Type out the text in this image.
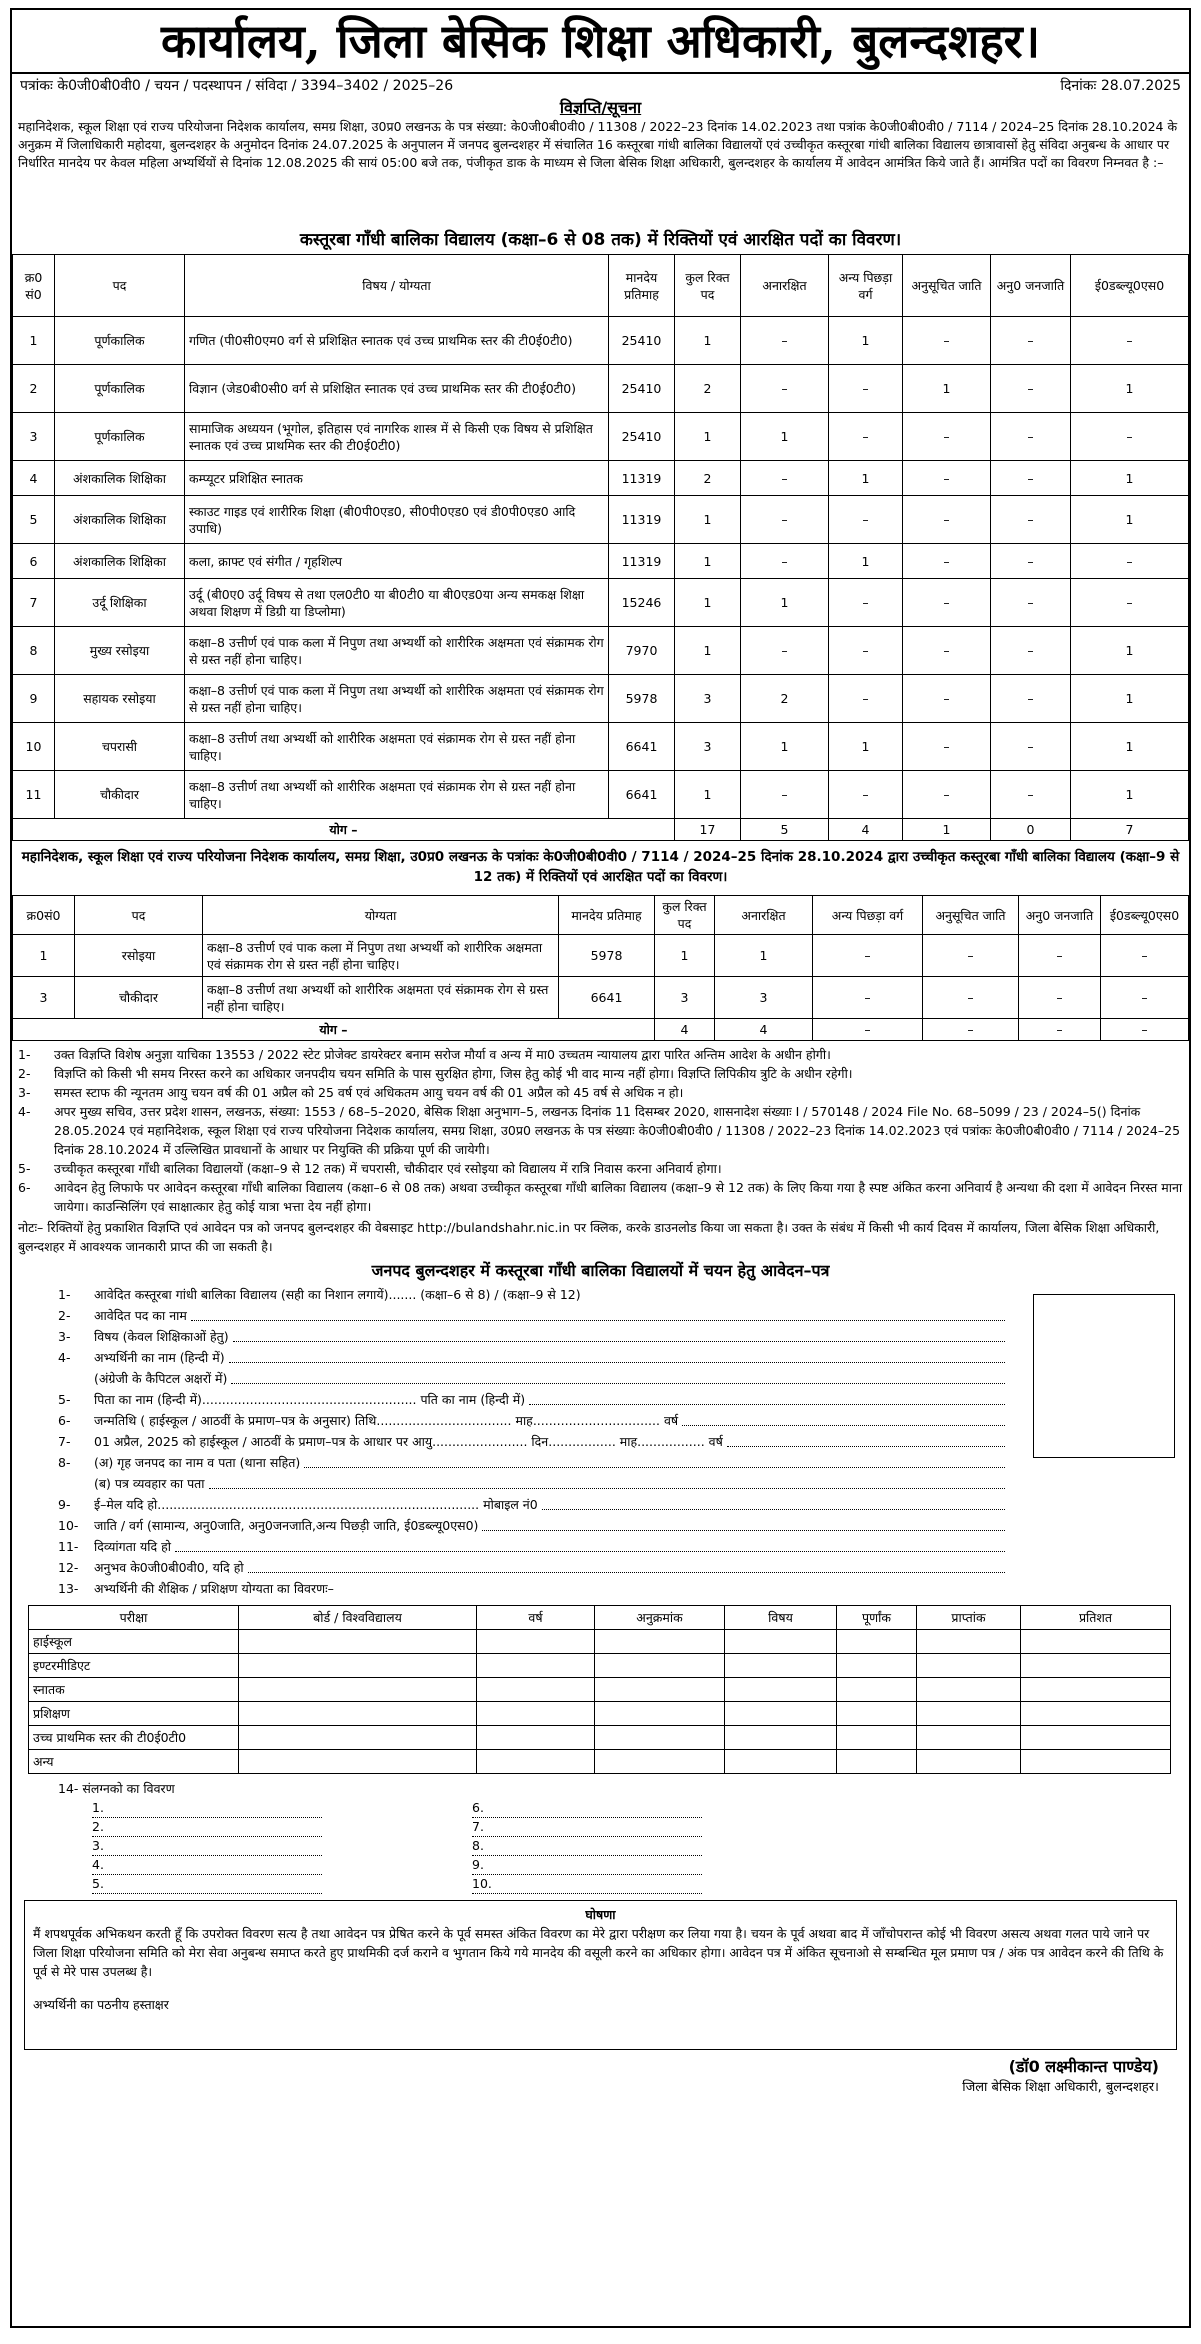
कार्यालय, जिला बेसिक शिक्षा अधिकारी, बुलन्दशहर।
पत्रांकः के0जी0बी0वी0 / चयन / पदस्थापन / संविदा / 3394–3402 / 2025–26	दिनांकः 28.07.2025
विज्ञप्ति/सूचना
महानिदेशक, स्कूल शिक्षा एवं राज्य परियोजना निदेशक कार्यालय, समग्र शिक्षा, उ0प्र0 लखनऊ के पत्र संख्या: के0जी0बी0वी0 / 11308 / 2022–23 दिनांक 14.02.2023 तथा पत्रांक के0जी0बी0वी0 / 7114 / 2024–25 दिनांक 28.10.2024 के अनुक्रम में जिलाधिकारी महोदया, बुलन्दशहर के अनुमोदन दिनांक 24.07.2025 के अनुपालन में जनपद बुलन्दशहर में संचालित 16 कस्तूरबा गांधी बालिका विद्यालयों एवं उच्चीकृत कस्तूरबा गांधी बालिका विद्यालय छात्रावासों हेतु संविदा अनुबन्ध के आधार पर निर्धारित मानदेय पर केवल महिला अभ्यर्थियों से दिनांक 12.08.2025 की सायं 05:00 बजे तक, पंजीकृत डाक के माध्यम से जिला बेसिक शिक्षा अधिकारी, बुलन्दशहर के कार्यालय में आवेदन आमंत्रित किये जाते हैं। आमंत्रित पदों का विवरण निम्नवत है :–
कस्तूरबा गाँधी बालिका विद्यालय (कक्षा–6 से 08 तक) में रिक्तियों एवं आरक्षित पदों का विवरण।
क्र0 सं0	पद	विषय / योग्यता	मानदेय प्रतिमाह	कुल रिक्त पद	अनारक्षित	अन्य पिछड़ा वर्ग	अनुसूचित जाति	अनु0 जनजाति	ई0डब्ल्यू0एस0
1	पूर्णकालिक	गणित (पी0सी0एम0 वर्ग से प्रशिक्षित स्नातक एवं उच्च प्राथमिक स्तर की टी0ई0टी0)	25410	1	–	1	–	–	–
2	पूर्णकालिक	विज्ञान (जेड0बी0सी0 वर्ग से प्रशिक्षित स्नातक एवं उच्च प्राथमिक स्तर की टी0ई0टी0)	25410	2	–	–	1	–	1
3	पूर्णकालिक	सामाजिक अध्ययन (भूगोल, इतिहास एवं नागरिक शास्त्र में से किसी एक विषय से प्रशिक्षित स्नातक एवं उच्च प्राथमिक स्तर की टी0ई0टी0)	25410	1	1	–	–	–	–
4	अंशकालिक शिक्षिका	कम्प्यूटर प्रशिक्षित स्नातक	11319	2	–	1	–	–	1
5	अंशकालिक शिक्षिका	स्काउट गाइड एवं शारीरिक शिक्षा (बी0पी0एड0, सी0पी0एड0 एवं डी0पी0एड0 आदि उपाधि)	11319	1	–	–	–	–	1
6	अंशकालिक शिक्षिका	कला, क्राफ्ट एवं संगीत / गृहशिल्प	11319	1	–	1	–	–	–
7	उर्दू शिक्षिका	उर्दू (बी0ए0 उर्दू विषय से तथा एल0टी0 या बी0टी0 या बी0एड0या अन्य समकक्ष शिक्षा अथवा शिक्षण में डिग्री या डिप्लोमा)	15246	1	1	–	–	–	–
8	मुख्य रसोइया	कक्षा–8 उत्तीर्ण एवं पाक कला में निपुण तथा अभ्यर्थी को शारीरिक अक्षमता एवं संक्रामक रोग से ग्रस्त नहीं होना चाहिए।	7970	1	–	–	–	–	1
9	सहायक रसोइया	कक्षा–8 उत्तीर्ण एवं पाक कला में निपुण तथा अभ्यर्थी को शारीरिक अक्षमता एवं संक्रामक रोग से ग्रस्त नहीं होना चाहिए।	5978	3	2	–	–	–	1
10	चपरासी	कक्षा–8 उत्तीर्ण तथा अभ्यर्थी को शारीरिक अक्षमता एवं संक्रामक रोग से ग्रस्त नहीं होना चाहिए।	6641	3	1	1	–	–	1
11	चौकीदार	कक्षा–8 उत्तीर्ण तथा अभ्यर्थी को शारीरिक अक्षमता एवं संक्रामक रोग से ग्रस्त नहीं होना चाहिए।	6641	1	–	–	–	–	1
योग –				17	5	4	1	0	7
महानिदेशक, स्कूल शिक्षा एवं राज्य परियोजना निदेशक कार्यालय, समग्र शिक्षा, उ0प्र0 लखनऊ के पत्रांकः के0जी0बी0वी0 / 7114 / 2024–25 दिनांक 28.10.2024 द्वारा उच्चीकृत कस्तूरबा गाँधी बालिका विद्यालय (कक्षा–9 से 12 तक) में रिक्तियों एवं आरक्षित पदों का विवरण।
क्र0सं0	पद	योग्यता	मानदेय प्रतिमाह	कुल रिक्त पद	अनारक्षित	अन्य पिछड़ा वर्ग	अनुसूचित जाति	अनु0 जनजाति	ई0डब्ल्यू0एस0
1	रसोइया	कक्षा–8 उत्तीर्ण एवं पाक कला में निपुण तथा अभ्यर्थी को शारीरिक अक्षमता एवं संक्रामक रोग से ग्रस्त नहीं होना चाहिए।	5978	1	1	–	–	–	–
3	चौकीदार	कक्षा–8 उत्तीर्ण तथा अभ्यर्थी को शारीरिक अक्षमता एवं संक्रामक रोग से ग्रस्त नहीं होना चाहिए।	6641	3	3	–	–	–	–
योग –				4	4	–	–	–	–
1-	उक्त विज्ञप्ति विशेष अनुज्ञा याचिका 13553 / 2022 स्टेट प्रोजेक्ट डायरेक्टर बनाम सरोज मौर्या व अन्य में मा0 उच्चतम न्यायालय द्वारा पारित अन्तिम आदेश के अधीन होगी।
2-	विज्ञप्ति को किसी भी समय निरस्त करने का अधिकार जनपदीय चयन समिति के पास सुरक्षित होगा, जिस हेतु कोई भी वाद मान्य नहीं होगा। विज्ञप्ति लिपिकीय त्रुटि के अधीन रहेगी।
3-	समस्त स्टाफ की न्यूनतम आयु चयन वर्ष की 01 अप्रैल को 25 वर्ष एवं अधिकतम आयु चयन वर्ष की 01 अप्रैल को 45 वर्ष से अधिक न हो।
4-	अपर मुख्य सचिव, उत्तर प्रदेश शासन, लखनऊ, संख्या: 1553 / 68–5–2020, बेसिक शिक्षा अनुभाग–5, लखनऊ दिनांक 11 दिसम्बर 2020, शासनादेश संख्याः I / 570148 / 2024 File No. 68–5099 / 23 / 2024–5() दिनांक 28.05.2024 एवं महानिदेशक, स्कूल शिक्षा एवं राज्य परियोजना निदेशक कार्यालय, समग्र शिक्षा, उ0प्र0 लखनऊ के पत्र संख्याः के0जी0बी0वी0 / 11308 / 2022–23 दिनांक 14.02.2023 एवं पत्रांकः के0जी0बी0वी0 / 7114 / 2024–25 दिनांक 28.10.2024 में उल्लिखित प्रावधानों के आधार पर नियुक्ति की प्रक्रिया पूर्ण की जायेगी।
5-	उच्चीकृत कस्तूरबा गाँधी बालिका विद्यालयों (कक्षा–9 से 12 तक) में चपरासी, चौकीदार एवं रसोइया को विद्यालय में रात्रि निवास करना अनिवार्य होगा।
6-	आवेदन हेतु लिफाफे पर आवेदन कस्तूरबा गाँधी बालिका विद्यालय (कक्षा–6 से 08 तक) अथवा उच्चीकृत कस्तूरबा गाँधी बालिका विद्यालय (कक्षा–9 से 12 तक) के लिए किया गया है स्पष्ट अंकित करना अनिवार्य है अन्यथा की दशा में आवेदन निरस्त माना जायेगा। काउन्सिलिंग एवं साक्षात्कार हेतु कोई यात्रा भत्ता देय नहीं होगा।
नोटः– रिक्तियों हेतु प्रकाशित विज्ञप्ति एवं आवेदन पत्र को जनपद बुलन्दशहर की वेबसाइट http://bulandshahr.nic.in पर क्लिक, करके डाउनलोड किया जा सकता है। उक्त के संबंध में किसी भी कार्य दिवस में कार्यालय, जिला बेसिक शिक्षा अधिकारी, बुलन्दशहर में आवश्यक जानकारी प्राप्त की जा सकती है।
जनपद बुलन्दशहर में कस्तूरबा गाँधी बालिका विद्यालयों में चयन हेतु आवेदन–पत्र
1-	आवेदित कस्तूरबा गांधी बालिका विद्यालय (सही का निशान लगायें)....... (कक्षा–6 से 8) / (कक्षा–9 से 12)
2-	आवेदित पद का नाम
3-	विषय (केवल शिक्षिकाओं हेतु)
4-	अभ्यर्थिनी का नाम (हिन्दी में)
(अंग्रेजी के कैपिटल अक्षरों में)
5-	पिता का नाम (हिन्दी में)...................................................... पति का नाम (हिन्दी में)
6-	जन्मतिथि ( हाईस्कूल / आठवीं के प्रमाण–पत्र के अनुसार) तिथि.................................. माह................................ वर्ष
7-	01 अप्रैल, 2025 को हाईस्कूल / आठवीं के प्रमाण–पत्र के आधार पर आयु........................ दिन................. माह................. वर्ष
8-	(अ) गृह जनपद का नाम व पता (थाना सहित)
(ब) पत्र व्यवहार का पता
9-	ई–मेल यदि हो................................................................................. मोबाइल नं0
10-	जाति / वर्ग (सामान्य, अनु0जाति, अनु0जनजाति,अन्य पिछड़ी जाति, ई0डब्ल्यू0एस0)
11-	दिव्यांगता यदि हो
12-	अनुभव के0जी0बी0वी0, यदि हो
13-	अभ्यर्थिनी की शैक्षिक / प्रशिक्षण योग्यता का विवरणः–
परीक्षा	बोर्ड / विश्वविद्यालय	वर्ष	अनुक्रमांक	विषय	पूर्णांक	प्राप्तांक	प्रतिशत
हाईस्कूल							
इण्टरमीडिएट							
स्नातक							
प्रशिक्षण							
उच्च प्राथमिक स्तर की टी0ई0टी0							
अन्य							
14- संलग्नको का विवरण
1.	6.
2.	7.
3.	8.
4.	9.
5.	10.
घोषणा
मैं शपथपूर्वक अभिकथन करती हूँ कि उपरोक्त विवरण सत्य है तथा आवेदन पत्र प्रेषित करने के पूर्व समस्त अंकित विवरण का मेरे द्वारा परीक्षण कर लिया गया है। चयन के पूर्व अथवा बाद में जाँचोपरान्त कोई भी विवरण असत्य अथवा गलत पाये जाने पर जिला शिक्षा परियोजना समिति को मेरा सेवा अनुबन्ध समाप्त करते हुए प्राथमिकी दर्ज कराने व भुगतान किये गये मानदेय की वसूली करने का अधिकार होगा। आवेदन पत्र में अंकित सूचनाओ से सम्बन्धित मूल प्रमाण पत्र / अंक पत्र आवेदन करने की तिथि के पूर्व से मेरे पास उपलब्ध है।
अभ्यर्थिनी का पठनीय हस्ताक्षर
(डॉ0 लक्ष्मीकान्त पाण्डेय)
जिला बेसिक शिक्षा अधिकारी, बुलन्दशहर।
